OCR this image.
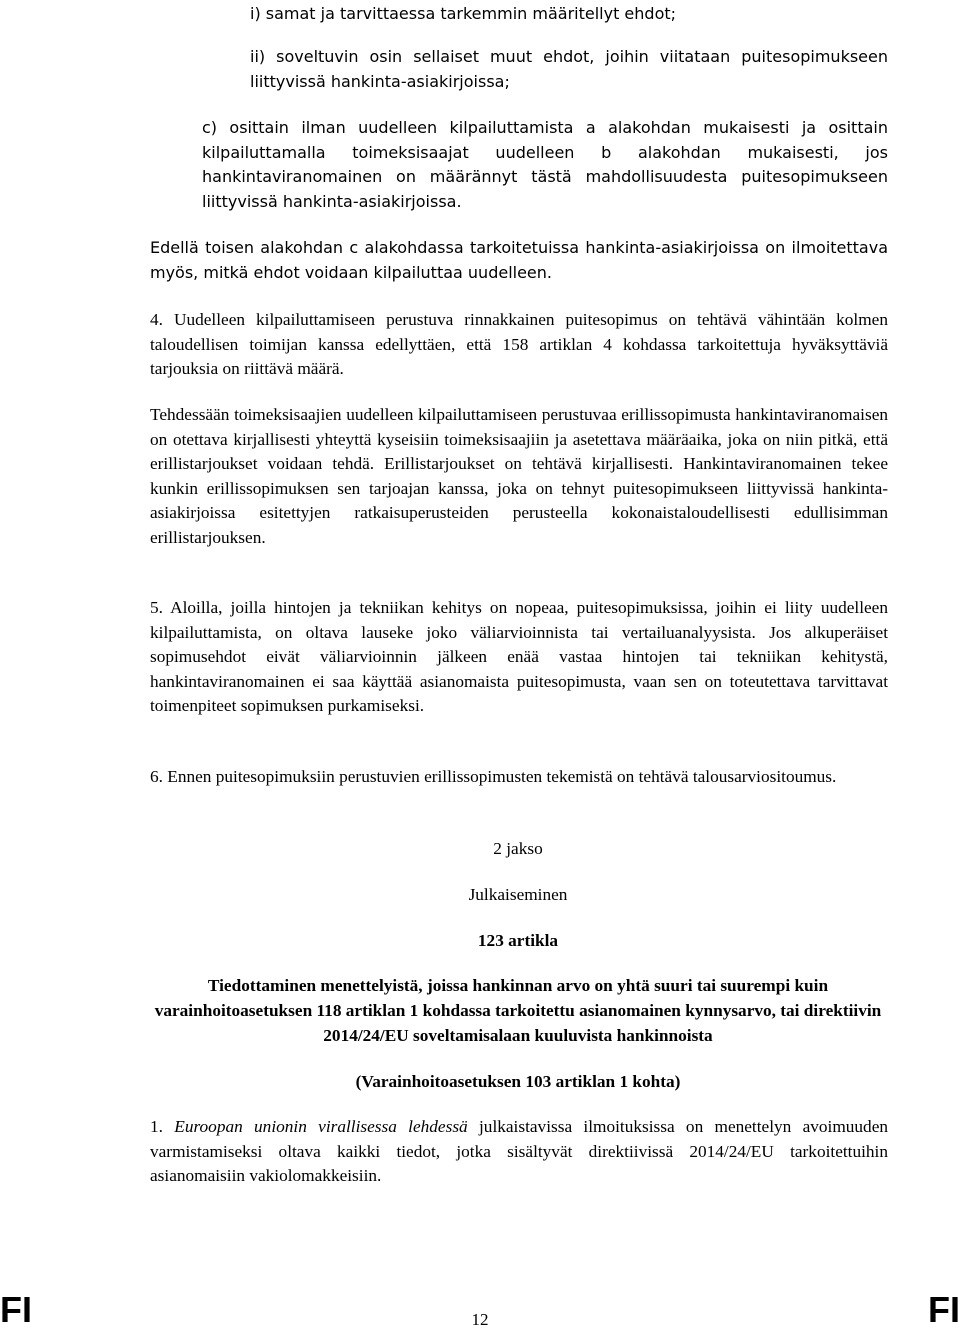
i) samat ja tarvittaessa tarkemmin määritellyt ehdot;

ii) soveltuvin osin sellaiset muut ehdot, joihin viitataan puitesopimukseen liittyvissä hankinta-asiakirjoissa;

c) osittain ilman uudelleen kilpailuttamista a alakohdan mukaisesti ja osittain kilpailuttamalla toimeksisaajat uudelleen b alakohdan mukaisesti, jos hankintaviranomainen on määrännyt tästä mahdollisuudesta puitesopimukseen liittyvissä hankinta-asiakirjoissa.

Edellä toisen alakohdan c alakohdassa tarkoitetuissa hankinta-asiakirjoissa on ilmoitettava myös, mitkä ehdot voidaan kilpailuttaa uudelleen.

4. Uudelleen kilpailuttamiseen perustuva rinnakkainen puitesopimus on tehtävä vähintään kolmen taloudellisen toimijan kanssa edellyttäen, että 158 artiklan 4 kohdassa tarkoitettuja hyväksyttäviä tarjouksia on riittävä määrä.

Tehdessään toimeksisaajien uudelleen kilpailuttamiseen perustuvaa erillissopimusta hankintaviranomaisen on otettava kirjallisesti yhteyttä kyseisiin toimeksisaajiin ja asetettava määräaika, joka on niin pitkä, että erillistarjoukset voidaan tehdä. Erillistarjoukset on tehtävä kirjallisesti. Hankintaviranomainen tekee kunkin erillissopimuksen sen tarjoajan kanssa, joka on tehnyt puitesopimukseen liittyvissä hankinta-asiakirjoissa esitettyjen ratkaisuperusteiden perusteella kokonaistaloudellisesti edullisimman erillistarjouksen.

5. Aloilla, joilla hintojen ja tekniikan kehitys on nopeaa, puitesopimuksissa, joihin ei liity uudelleen kilpailuttamista, on oltava lauseke joko väliarvioinnista tai vertailuanalyysista. Jos alkuperäiset sopimusehdot eivät väliarvioinnin jälkeen enää vastaa hintojen tai tekniikan kehitystä, hankintaviranomainen ei saa käyttää asianomaista puitesopimusta, vaan sen on toteutettava tarvittavat toimenpiteet sopimuksen purkamiseksi.

6. Ennen puitesopimuksiin perustuvien erillissopimusten tekemistä on tehtävä talousarviositoumus.

2 jakso

Julkaiseminen

123 artikla

Tiedottaminen menettelyistä, joissa hankinnan arvo on yhtä suuri tai suurempi kuin varainhoitoasetuksen 118 artiklan 1 kohdassa tarkoitettu asianomainen kynnysarvo, tai direktiivin 2014/24/EU soveltamisalaan kuuluvista hankinnoista

(Varainhoitoasetuksen 103 artiklan 1 kohta)

1. Euroopan unionin virallisessa lehdessä julkaistavissa ilmoituksissa on menettelyn avoimuuden varmistamiseksi oltava kaikki tiedot, jotka sisältyvät direktiivissä 2014/24/EU tarkoitettuihin asianomaisiin vakiolomakkeisiin.

FI	12	FI
